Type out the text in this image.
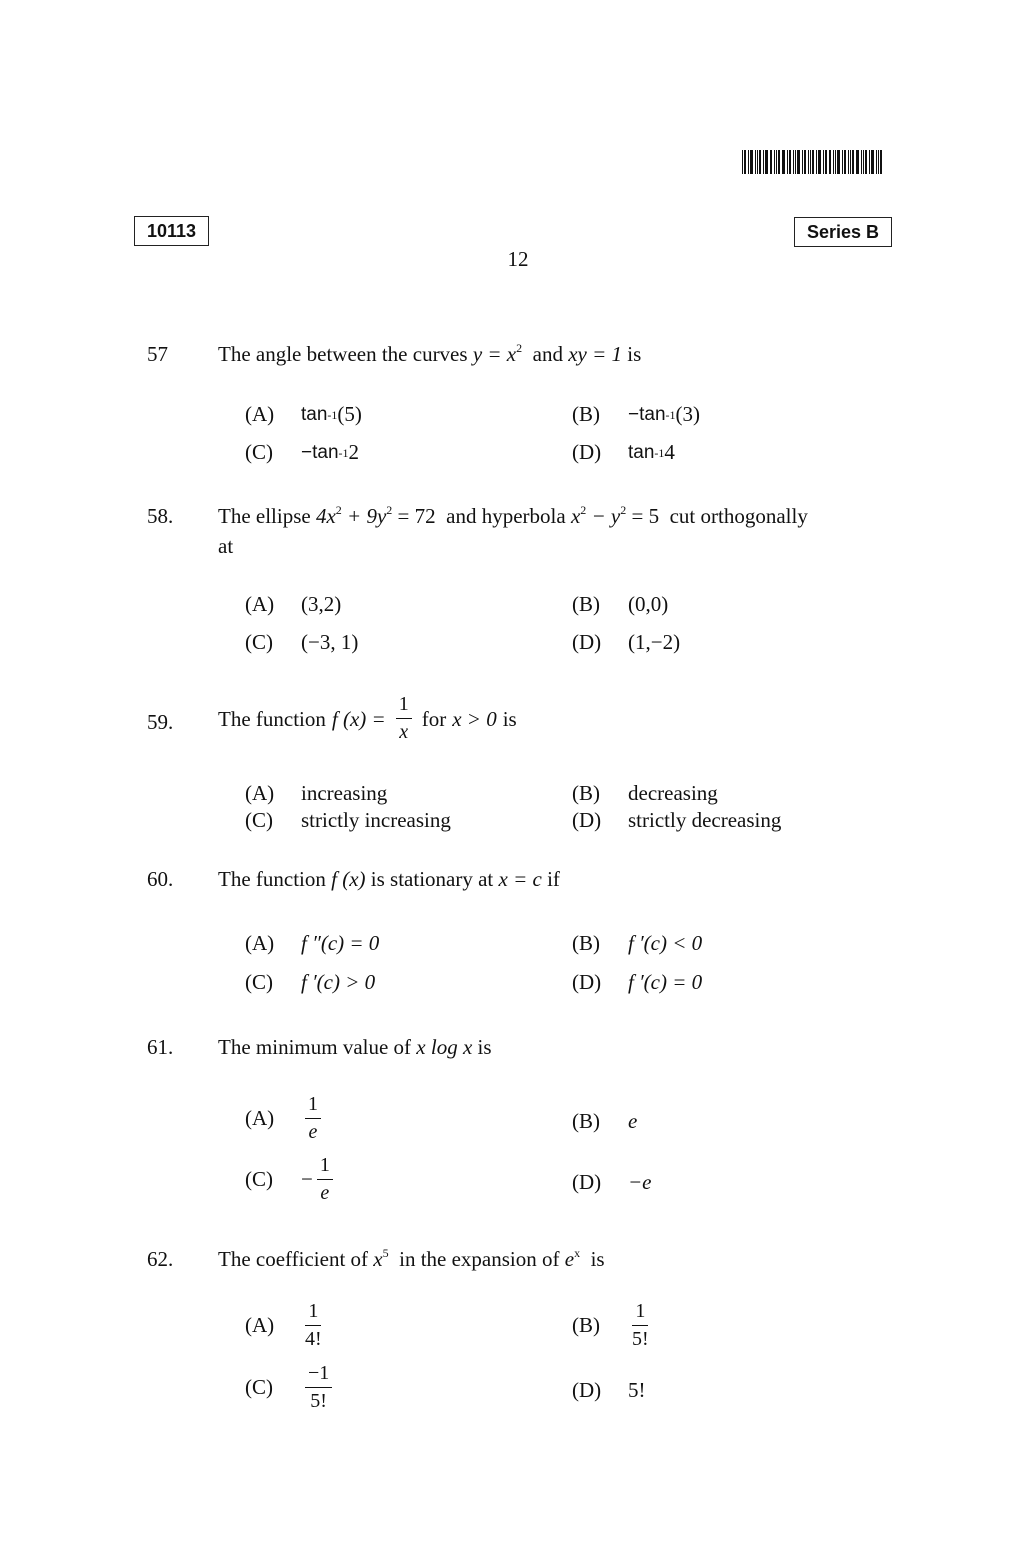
10113	Series B
12
57 The angle between the curves $y = x^2$ and xy = 1 is
(A)	tan -1 (5)	(B)	−tan -1 (3)
(C)	−tan -1 2	(D)	tan -1 4
58. The ellipse $4x^2 + 9y^2 = 72$ and hyperbola $x^2 - y^2 = 5$ cut orthogonally
at
(A)	(3,2)	(B)	(0,0)
(C)	(−3, 1)	(D)	(1,−2)
59. The function f $(x) = \frac{1}{x}$ for x > 0 is
(A)	increasing	(B)	decreasing
(C)	strictly increasing	(D)	strictly decreasing
60. The function f (x) is stationary at x = c if
(A)	f ″(c) = 0	(B)	f ′(c) < 0
(C)	f ′(c) > 0	(D)	f ′(c) = 0
61. The minimum value of x log x is
(A)	$\frac{1}{e}$	(B)	e
(C)	− $\frac{1}{e}$	(D)	−e
62. The coefficient of $x^5$ in the expansion of $e^x$ is
(A)	$\frac{1}{4!}$	(B)	$\frac{1}{5!}$
(C)	$\frac{-1}{5!}$	(D)	5!
